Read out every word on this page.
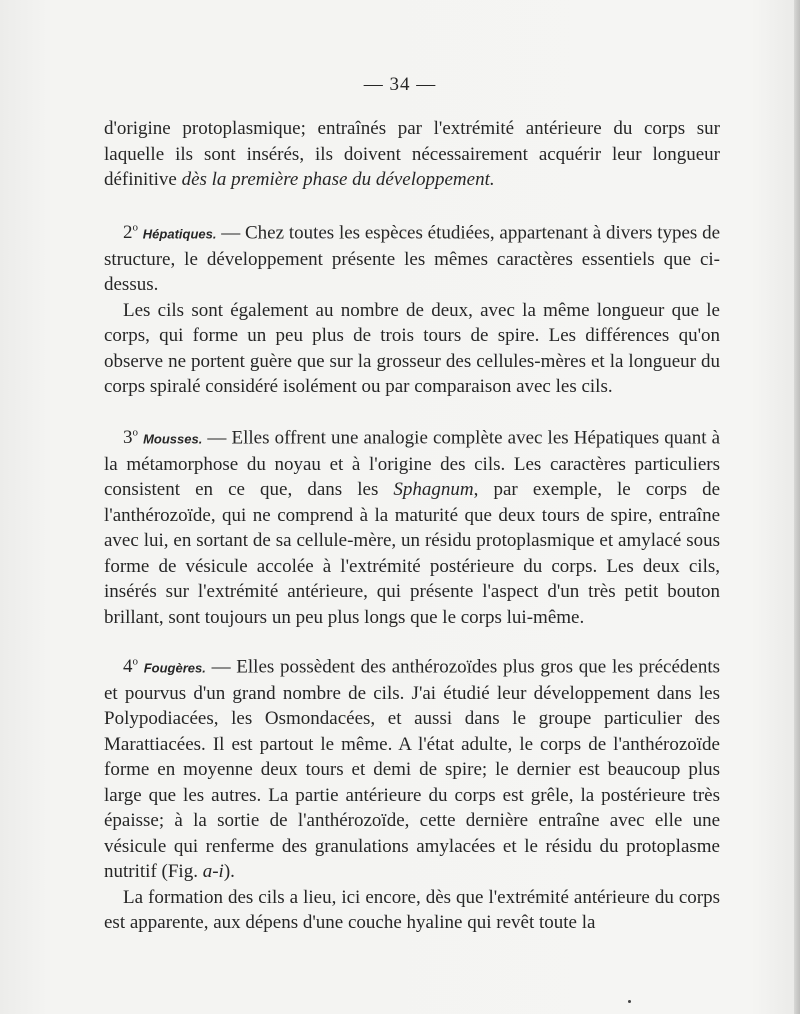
— 34 —

d'origine protoplasmique; entraînés par l'extrémité antérieure du corps sur laquelle ils sont insérés, ils doivent nécessairement acquérir leur longueur définitive dès la première phase du développement.

2$^o$ Hépatiques. — Chez toutes les espèces étudiées, appartenant à divers types de structure, le développement présente les mêmes caractères essentiels que ci-dessus.

Les cils sont également au nombre de deux, avec la même longueur que le corps, qui forme un peu plus de trois tours de spire. Les différences qu'on observe ne portent guère que sur la grosseur des cellules-mères et la longueur du corps spiralé considéré isolément ou par comparaison avec les cils.

3$^o$ Mousses. — Elles offrent une analogie complète avec les Hépatiques quant à la métamorphose du noyau et à l'origine des cils. Les caractères particuliers consistent en ce que, dans les Sphagnum, par exemple, le corps de l'anthérozoïde, qui ne comprend à la maturité que deux tours de spire, entraîne avec lui, en sortant de sa cellule-mère, un résidu protoplasmique et amylacé sous forme de vésicule accolée à l'extrémité postérieure du corps. Les deux cils, insérés sur l'extrémité antérieure, qui présente l'aspect d'un très petit bouton brillant, sont toujours un peu plus longs que le corps lui-même.

4$^o$ Fougères. — Elles possèdent des anthérozoïdes plus gros que les précédents et pourvus d'un grand nombre de cils. J'ai étudié leur développement dans les Polypodiacées, les Osmondacées, et aussi dans le groupe particulier des Marattiacées. Il est partout le même. A l'état adulte, le corps de l'anthérozoïde forme en moyenne deux tours et demi de spire; le dernier est beaucoup plus large que les autres. La partie antérieure du corps est grêle, la postérieure très épaisse; à la sortie de l'anthérozoïde, cette dernière entraîne avec elle une vésicule qui renferme des granulations amylacées et le résidu du protoplasme nutritif (Fig. a-i).

La formation des cils a lieu, ici encore, dès que l'extrémité antérieure du corps est apparente, aux dépens d'une couche hyaline qui revêt toute la
